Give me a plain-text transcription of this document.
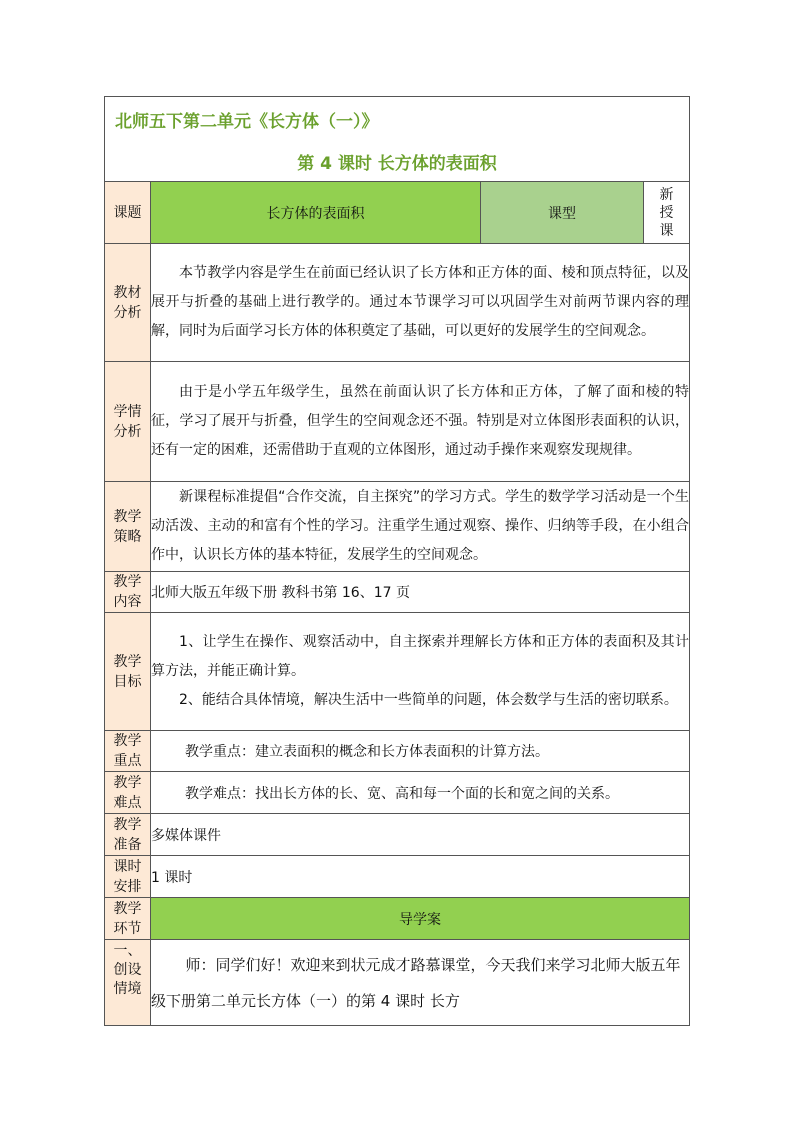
北师五下第二单元《长方体（一）》
第 4 课时 长方体的表面积			

课题	长方体的表面积	课型	新授课
教材分析	本节教学内容是学生在前面已经认识了长方体和正方体的面、棱和顶点特征，以及展开与折叠的基础上进行教学的。通过本节课学习可以巩固学生对前两节课内容的理解，同时为后面学习长方体的体积奠定了基础，可以更好的发展学生的空间观念。		

学情分析	由于是小学五年级学生，虽然在前面认识了长方体和正方体，了解了面和棱的特征，学习了展开与折叠，但学生的空间观念还不强。特别是对立体图形表面积的认识，还有一定的困难，还需借助于直观的立体图形，通过动手操作来观察发现规律。		

教学策略	新课程标准提倡“合作交流，自主探究”的学习方式。学生的数学学习活动是一个生动活泼、主动的和富有个性的学习。注重学生通过观察、操作、归纳等手段，在小组合作中，认识长方体的基本特征，发展学生的空间观念。		

教学内容	北师大版五年级下册 教科书第 16、17 页		
教学目标	1、让学生在操作、观察活动中，自主探索并理解长方体和正方体的表面积及其计算方法，并能正确计算。

2、能结合具体情境，解决生活中一些简单的问题，体会数学与生活的密切联系。		

教学重点	教学重点：建立表面积的概念和长方体表面积的计算方法。		
教学难点	教学难点：找出长方体的长、宽、高和每一个面的长和宽之间的关系。		
教学准备	多媒体课件		
课时安排	1 课时		
教学环节	导学案		
一、创设情境	师：同学们好！欢迎来到状元成才路慕课堂，今天我们来学习北师大版五年级下册第二单元长方体（一）的第 4 课时 长方		
